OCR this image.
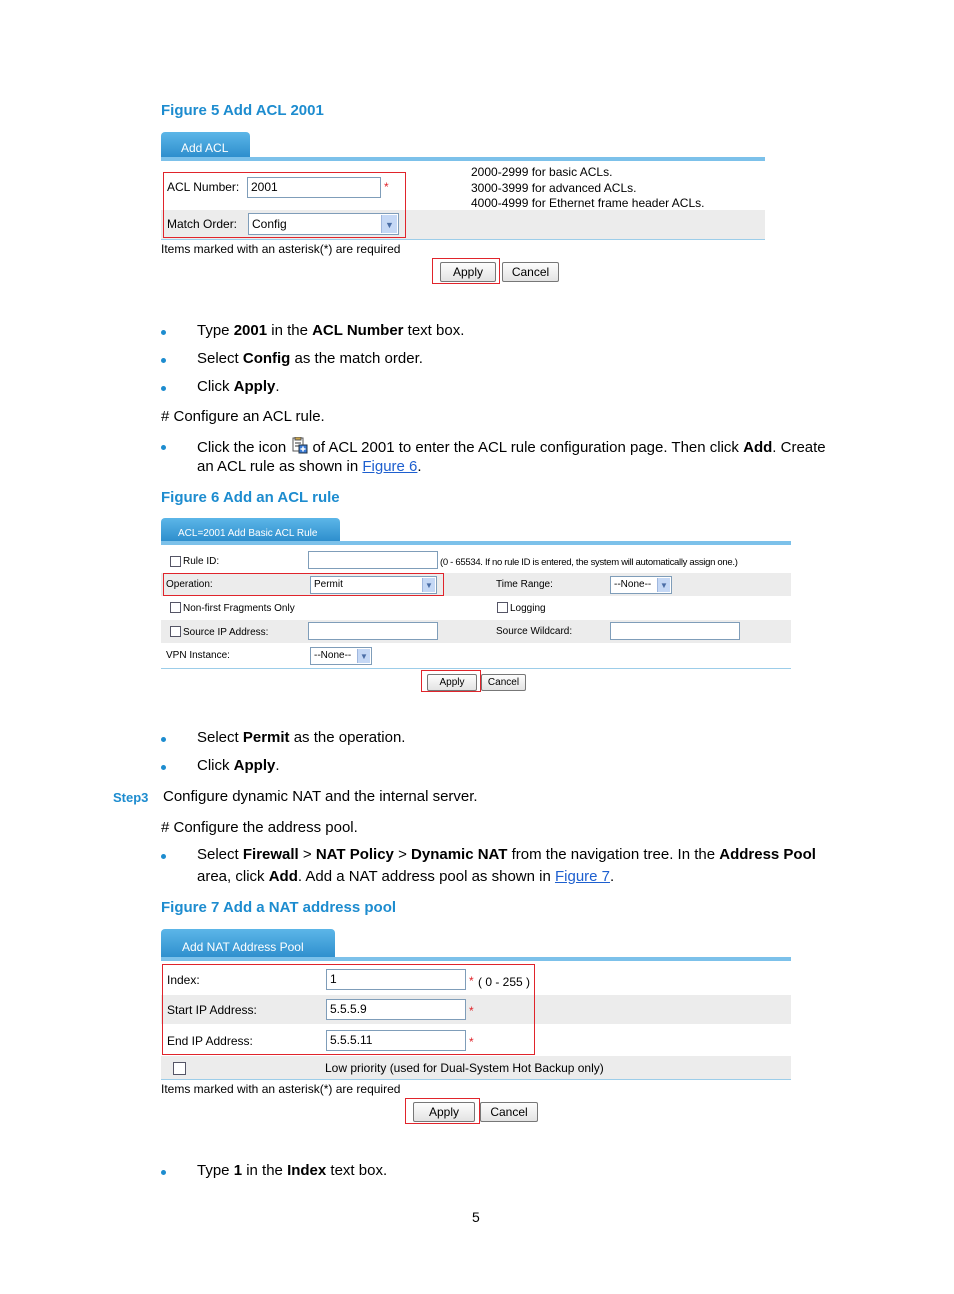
Figure 5 Add ACL 2001
Add ACL
ACL Number: 2001	*
Match Order:	Config	▼
2000-2999 for basic ACLs.
3000-3999 for advanced ACLs.
4000-4999 for Ethernet frame header ACLs.
Items marked with an asterisk(*) are required
Apply	Cancel
Type 2001 in the ACL Number text box.
Select Config as the match order.
Click Apply.
# Configure an ACL rule.
Click the icon  of ACL 2001 to enter the ACL rule configuration page. Then click Add. Create
an ACL rule as shown in Figure 6.
Figure 6 Add an ACL rule
ACL=2001 Add Basic ACL Rule
Rule ID:	(0 - 65534. If no rule ID is entered, the system will automatically assign one.)
Operation:	Permit	▼	Time Range:	--None--	▼
Non-first Fragments Only	Logging
Source IP Address:	Source Wildcard:
VPN Instance:	--None--	▼
Apply	Cancel
Select Permit as the operation.
Click Apply.
Step3 Configure dynamic NAT and the internal server.
# Configure the address pool.
Select Firewall > NAT Policy > Dynamic NAT from the navigation tree. In the Address Pool
area, click Add. Add a NAT address pool as shown in Figure 7.
Figure 7 Add a NAT address pool
Add NAT Address Pool
Index:	1	* ( 0 - 255 )
Start IP Address:	5.5.5.9	*
End IP Address:	5.5.5.11	*
Low priority (used for Dual-System Hot Backup only)
Items marked with an asterisk(*) are required
Apply	Cancel
Type 1 in the Index text box.
5
